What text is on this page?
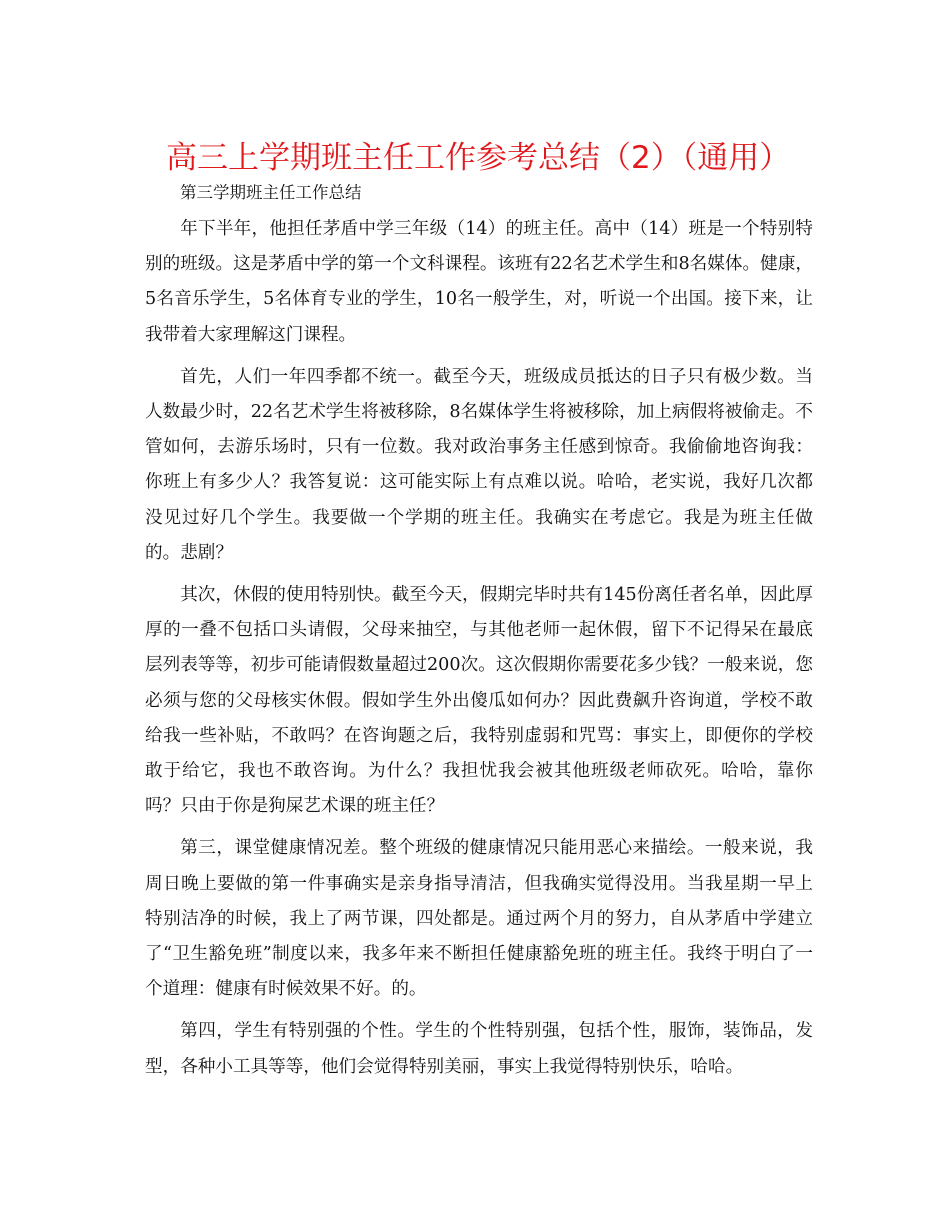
高三上学期班主任工作参考总结（2）（通用）

第三学期班主任工作总结

年下半年，他担任茅盾中学三年级（14）的班主任。高中（14）班是一个特别特别的班级。这是茅盾中学的第一个文科课程。该班有22名艺术学生和8名媒体。健康，5名音乐学生，5名体育专业的学生，10名一般学生，对，听说一个出国。接下来，让我带着大家理解这门课程。

首先，人们一年四季都不统一。截至今天，班级成员抵达的日子只有极少数。当人数最少时，22名艺术学生将被移除，8名媒体学生将被移除，加上病假将被偷走。不管如何，去游乐场时，只有一位数。我对政治事务主任感到惊奇。我偷偷地咨询我：你班上有多少人？我答复说：这可能实际上有点难以说。哈哈，老实说，我好几次都没见过好几个学生。我要做一个学期的班主任。我确实在考虑它。我是为班主任做的。悲剧？

其次，休假的使用特别快。截至今天，假期完毕时共有145份离任者名单，因此厚厚的一叠不包括口头请假，父母来抽空，与其他老师一起休假，留下不记得呆在最底层列表等等，初步可能请假数量超过200次。这次假期你需要花多少钱？一般来说，您必须与您的父母核实休假。假如学生外出傻瓜如何办？因此费飙升咨询道，学校不敢给我一些补贴，不敢吗？在咨询题之后，我特别虚弱和咒骂：事实上，即便你的学校敢于给它，我也不敢咨询。为什么？我担忧我会被其他班级老师砍死。哈哈，靠你吗？只由于你是狗屎艺术课的班主任？

第三，课堂健康情况差。整个班级的健康情况只能用恶心来描绘。一般来说，我周日晚上要做的第一件事确实是亲身指导清洁，但我确实觉得没用。当我星期一早上特别洁净的时候，我上了两节课，四处都是。通过两个月的努力，自从茅盾中学建立了“卫生豁免班”制度以来，我多年来不断担任健康豁免班的班主任。我终于明白了一个道理：健康有时候效果不好。的。

第四，学生有特别强的个性。学生的个性特别强，包括个性，服饰，装饰品，发型，各种小工具等等，他们会觉得特别美丽，事实上我觉得特别快乐，哈哈。
